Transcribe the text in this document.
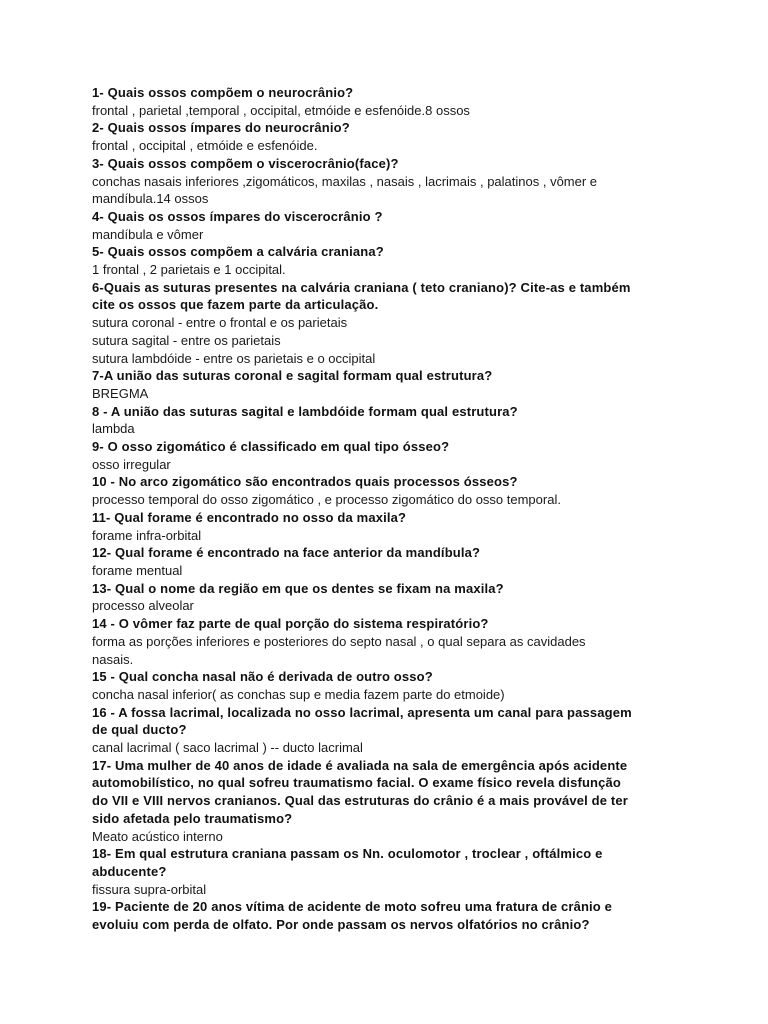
1- Quais ossos compõem o neurocrânio?
frontal , parietal ,temporal , occipital, etmóide e esfenóide.8 ossos
2- Quais ossos ímpares do neurocrânio?
frontal , occipital , etmóide e esfenóide.
3- Quais ossos compõem o viscerocrânio(face)?
conchas nasais inferiores ,zigomáticos, maxilas , nasais , lacrimais , palatinos , vômer e
mandíbula.14 ossos
4- Quais os ossos ímpares do viscerocrânio ?
mandíbula e vômer
5- Quais ossos compõem a calvária craniana?
1 frontal , 2 parietais e 1 occipital.
6-Quais as suturas presentes na calvária craniana ( teto craniano)? Cite-as e também
cite os ossos que fazem parte da articulação.
sutura coronal - entre o frontal e os parietais
sutura sagital - entre os parietais
sutura lambdóide - entre os parietais e o occipital
7-A união das suturas coronal e sagital formam qual estrutura?
BREGMA
8 - A união das suturas sagital e lambdóide formam qual estrutura?
lambda
9- O osso zigomático é classificado em qual tipo ósseo?
osso irregular
10 - No arco zigomático são encontrados quais processos ósseos?
processo temporal do osso zigomático , e processo zigomático do osso temporal.
11- Qual forame é encontrado no osso da maxila?
forame infra-orbital
12- Qual forame é encontrado na face anterior da mandíbula?
forame mentual
13- Qual o nome da região em que os dentes se fixam na maxila?
processo alveolar
14 - O vômer faz parte de qual porção do sistema respiratório?
forma as porções inferiores e posteriores do septo nasal , o qual separa as cavidades
nasais.
15 - Qual concha nasal não é derivada de outro osso?
concha nasal inferior( as conchas sup e media fazem parte do etmoide)
16 - A fossa lacrimal, localizada no osso lacrimal, apresenta um canal para passagem
de qual ducto?
canal lacrimal ( saco lacrimal ) -- ducto lacrimal
17- Uma mulher de 40 anos de idade é avaliada na sala de emergência após acidente
automobilístico, no qual sofreu traumatismo facial. O exame físico revela disfunção
do VII e VIII nervos cranianos. Qual das estruturas do crânio é a mais provável de ter
sido afetada pelo traumatismo?
Meato acústico interno
18- Em qual estrutura craniana passam os Nn. oculomotor , troclear , oftálmico e
abducente?
fissura supra-orbital
19- Paciente de 20 anos vítima de acidente de moto sofreu uma fratura de crânio e
evoluiu com perda de olfato. Por onde passam os nervos olfatórios no crânio?
